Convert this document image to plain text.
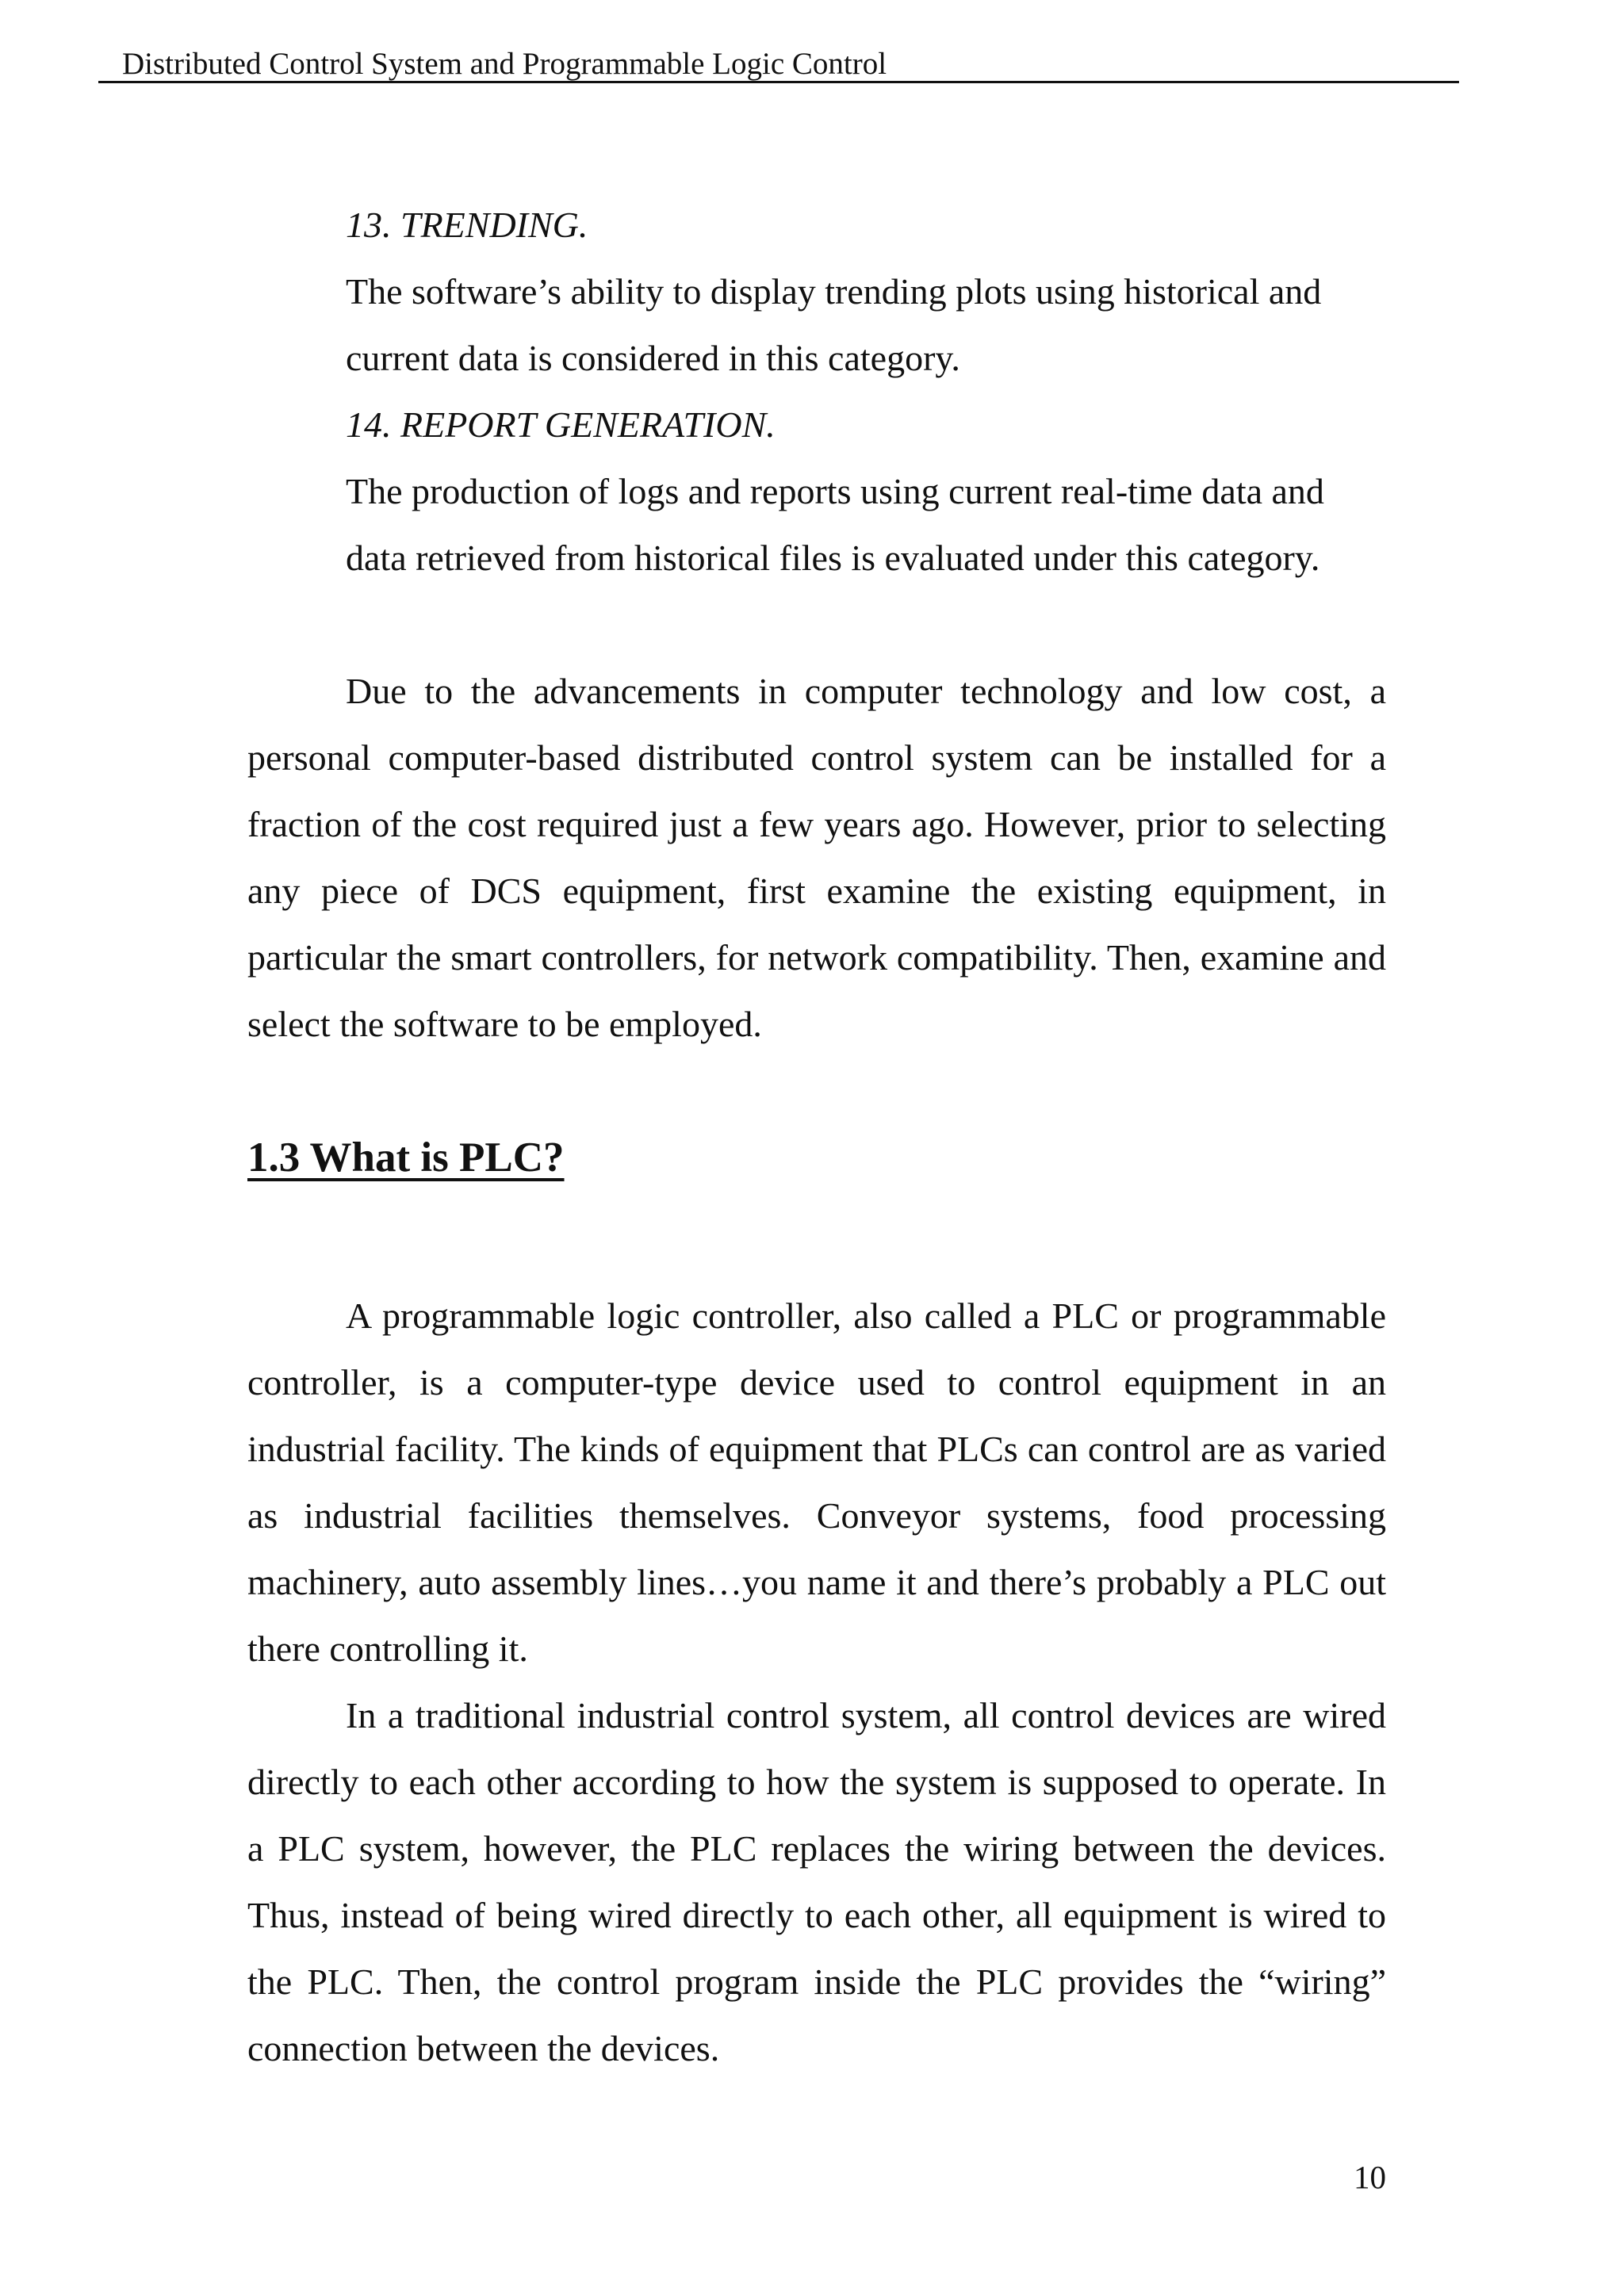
Distributed Control System and Programmable Logic Control
13. TRENDING.
The software’s ability to display trending plots using historical and
current data is considered in this category.
14. REPORT GENERATION.
The production of logs and reports using current real-time data and
data retrieved from historical files is evaluated under this category.

Due to the advancements in computer technology and low cost, a personal computer-based distributed control system can be installed for a fraction of the cost required just a few years ago. However, prior to selecting any piece of DCS equipment, first examine the existing equipment, in particular the smart controllers, for network compatibility. Then, examine and select the software to be employed.

1.3 What is PLC?

A programmable logic controller, also called a PLC or programmable controller, is a computer-type device used to control equipment in an industrial facility. The kinds of equipment that PLCs can control are as varied as industrial facilities themselves. Conveyor systems, food processing machinery, auto assembly lines…you name it and there’s probably a PLC out there controlling it.

In a traditional industrial control system, all control devices are wired directly to each other according to how the system is supposed to operate. In a PLC system, however, the PLC replaces the wiring between the devices. Thus, instead of being wired directly to each other, all equipment is wired to the PLC. Then, the control program inside the PLC provides the “wiring” connection between the devices.

10
